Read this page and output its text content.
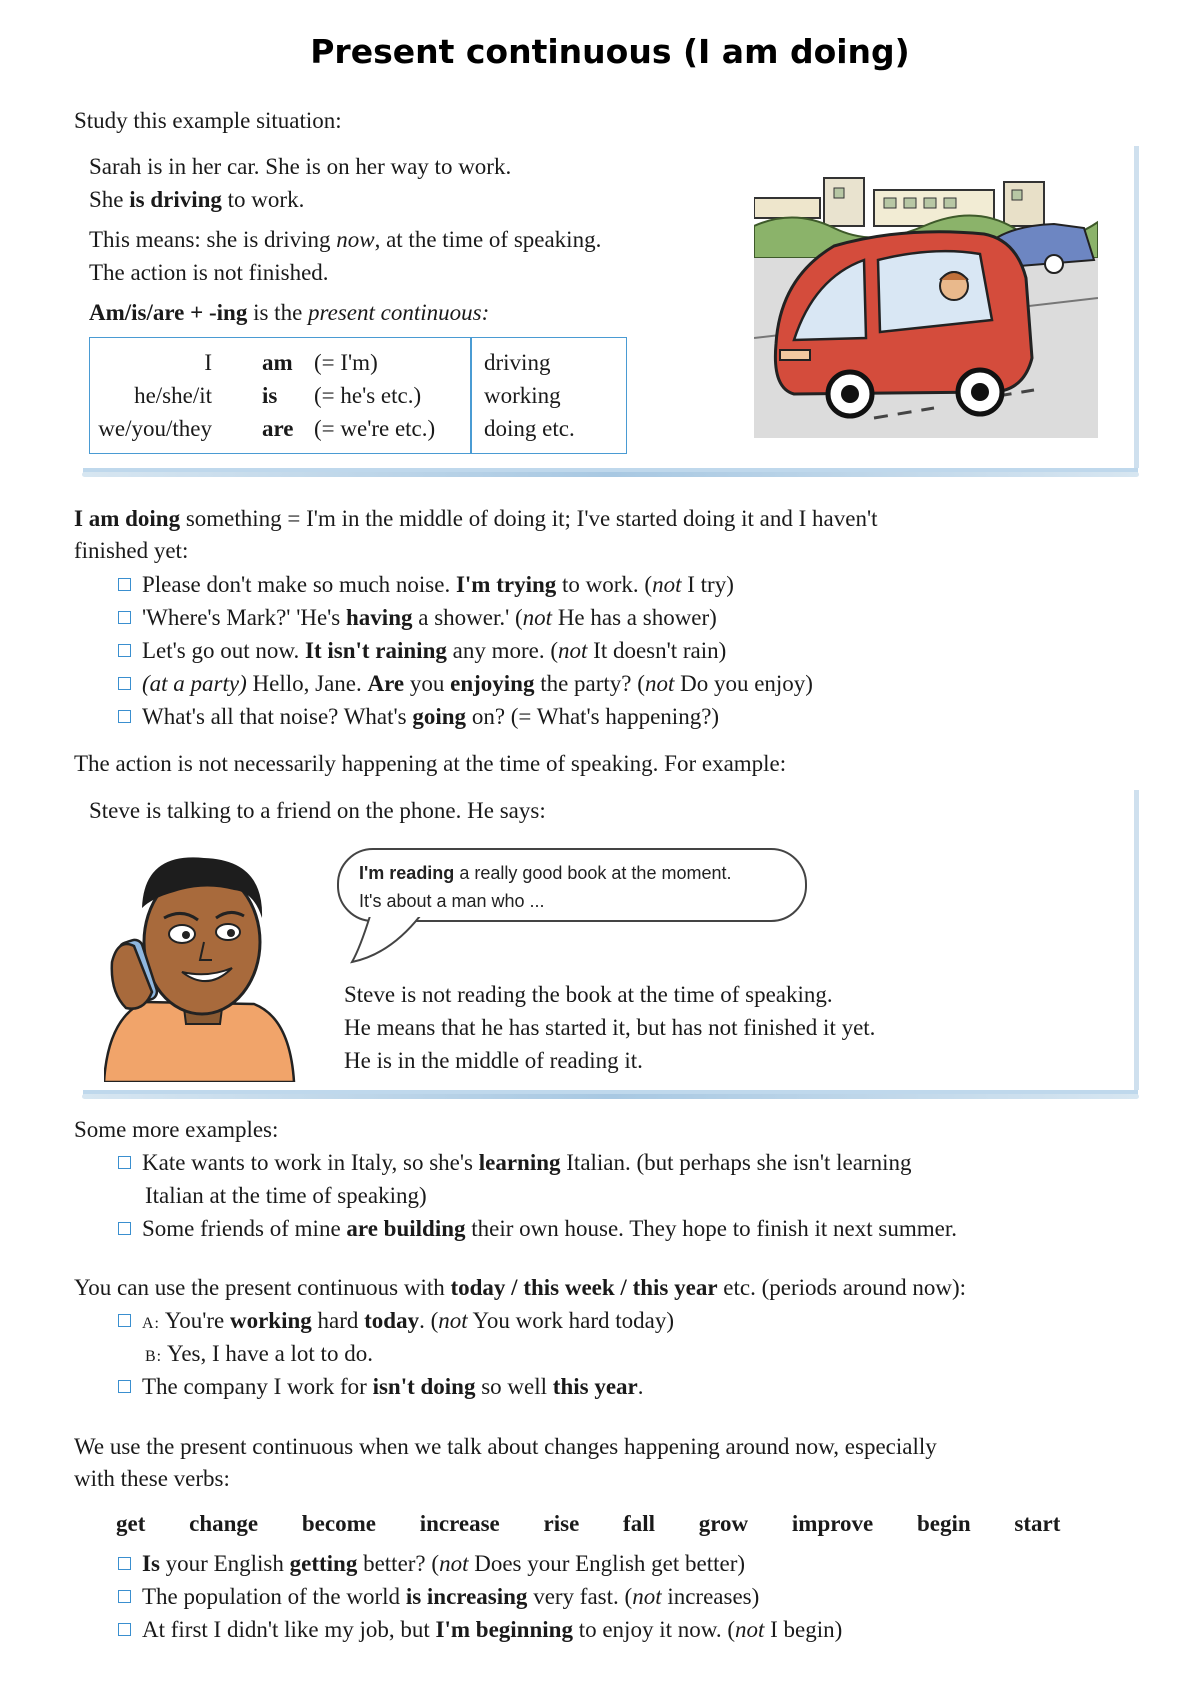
Present continuous (I am doing)
Study this example situation:
Sarah is in her car. She is on her way to work.
She is driving to work.
This means: she is driving now, at the time of speaking.
The action is not finished.
Am/is/are + -ing is the present continuous:
I
he/she/it
we/you/they
am
is
are
(= I'm)
(= he's etc.)
(= we're etc.)
driving
working
doing etc.
I am doing something = I'm in the middle of doing it; I've started doing it and I haven't
finished yet:
Please don't make so much noise. I'm trying to work. (not I try)
'Where's Mark?' 'He's having a shower.' (not He has a shower)
Let's go out now. It isn't raining any more. (not It doesn't rain)
(at a party) Hello, Jane. Are you enjoying the party? (not Do you enjoy)
What's all that noise? What's going on? (= What's happening?)
The action is not necessarily happening at the time of speaking. For example:
Steve is talking to a friend on the phone. He says:
I'm reading a really good book at the moment.
It's about a man who ...
Steve is not reading the book at the time of speaking.
He means that he has started it, but has not finished it yet.
He is in the middle of reading it.
Some more examples:
Kate wants to work in Italy, so she's learning Italian. (but perhaps she isn't learning
Italian at the time of speaking)
Some friends of mine are building their own house. They hope to finish it next summer.
You can use the present continuous with today / this week / this year etc. (periods around now):
A: You're working hard today. (not You work hard today)
B: Yes, I have a lot to do.
The company I work for isn't doing so well this year.
We use the present continuous when we talk about changes happening around now, especially
with these verbs:
get change become increase rise fall grow improve begin start
Is your English getting better? (not Does your English get better)
The population of the world is increasing very fast. (not increases)
At first I didn't like my job, but I'm beginning to enjoy it now. (not I begin)
